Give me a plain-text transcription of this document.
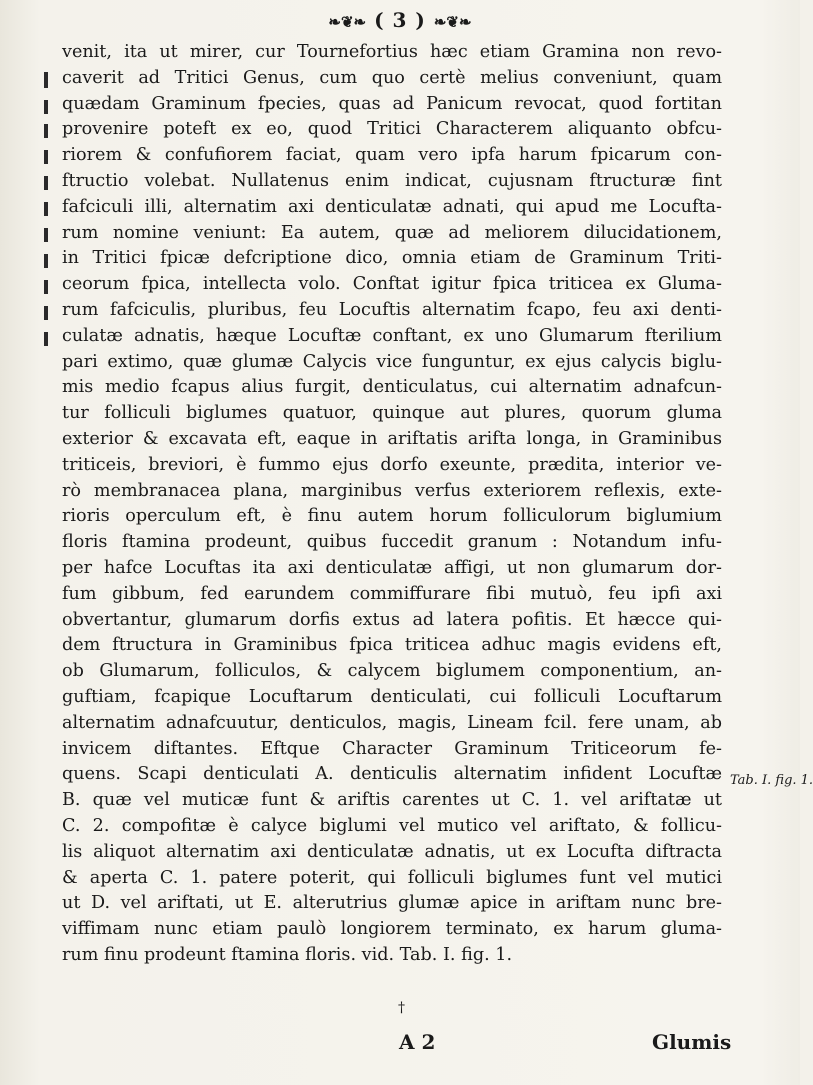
❧❦❧ ( 3 ) ❧❦❧
venit, ita ut mirer, cur Tournefortius hæc etiam Gramina non revo-
caverit ad Tritici Genus, cum quo certè melius conveniunt, quam
quædam Graminum fpecies, quas ad Panicum revocat, quod fortitan
provenire poteft ex eo, quod Tritici Characterem aliquanto obfcu-
riorem & confufiorem faciat, quam vero ipfa harum fpicarum con-
ftructio volebat. Nullatenus enim indicat, cujusnam ftructuræ fint
fafciculi illi, alternatim axi denticulatæ adnati, qui apud me Locufta-
rum nomine veniunt: Ea autem, quæ ad meliorem dilucidationem,
in Tritici fpicæ defcriptione dico, omnia etiam de Graminum Triti-
ceorum fpica, intellecta volo. Conftat igitur fpica triticea ex Gluma-
rum fafciculis, pluribus, feu Locuftis alternatim fcapo, feu axi denti-
culatæ adnatis, hæque Locuftæ conftant, ex uno Glumarum fterilium
pari extimo, quæ glumæ Calycis vice funguntur, ex ejus calycis biglu-
mis medio fcapus alius furgit, denticulatus, cui alternatim adnafcun-
tur folliculi biglumes quatuor, quinque aut plures, quorum gluma
exterior & excavata eft, eaque in ariftatis arifta longa, in Graminibus
triticeis, breviori, è fummo ejus dorfo exeunte, prædita, interior ve-
rò membranacea plana, marginibus verfus exteriorem reflexis, exte-
rioris operculum eft, è finu autem horum folliculorum biglumium
floris ftamina prodeunt, quibus fuccedit granum : Notandum infu-
per hafce Locuftas ita axi denticulatæ affigi, ut non glumarum dor-
fum gibbum, fed earundem commiffurare fibi mutuò, feu ipfi axi
obvertantur, glumarum dorfis extus ad latera pofitis. Et hæcce qui-
dem ftructura in Graminibus fpica triticea adhuc magis evidens eft,
ob Glumarum, folliculos, & calycem biglumem componentium, an-
guftiam, fcapique Locuftarum denticulati, cui folliculi Locuftarum
alternatim adnafcuutur, denticulos, magis, Lineam fcil. fere unam, ab
invicem diftantes. Eftque Character Graminum Triticeorum fe-
quens. Scapi denticulati A. denticulis alternatim infident Locuftæ
B. quæ vel muticæ funt & ariftis carentes ut C. 1. vel ariftatæ ut
C. 2. compofitæ è calyce biglumi vel mutico vel ariftato, & follicu-
lis aliquot alternatim axi denticulatæ adnatis, ut ex Locufta diftracta
& aperta C. 1. patere poterit, qui folliculi biglumes funt vel mutici
ut D. vel ariftati, ut E. alterutrius glumæ apice in ariftam nunc bre-
viffimam nunc etiam paulò longiorem terminato, ex harum gluma-
rum finu prodeunt ftamina floris. vid. Tab. I. fig. 1.
Tab. I. fig. 1.
†
A 2	Glumis
